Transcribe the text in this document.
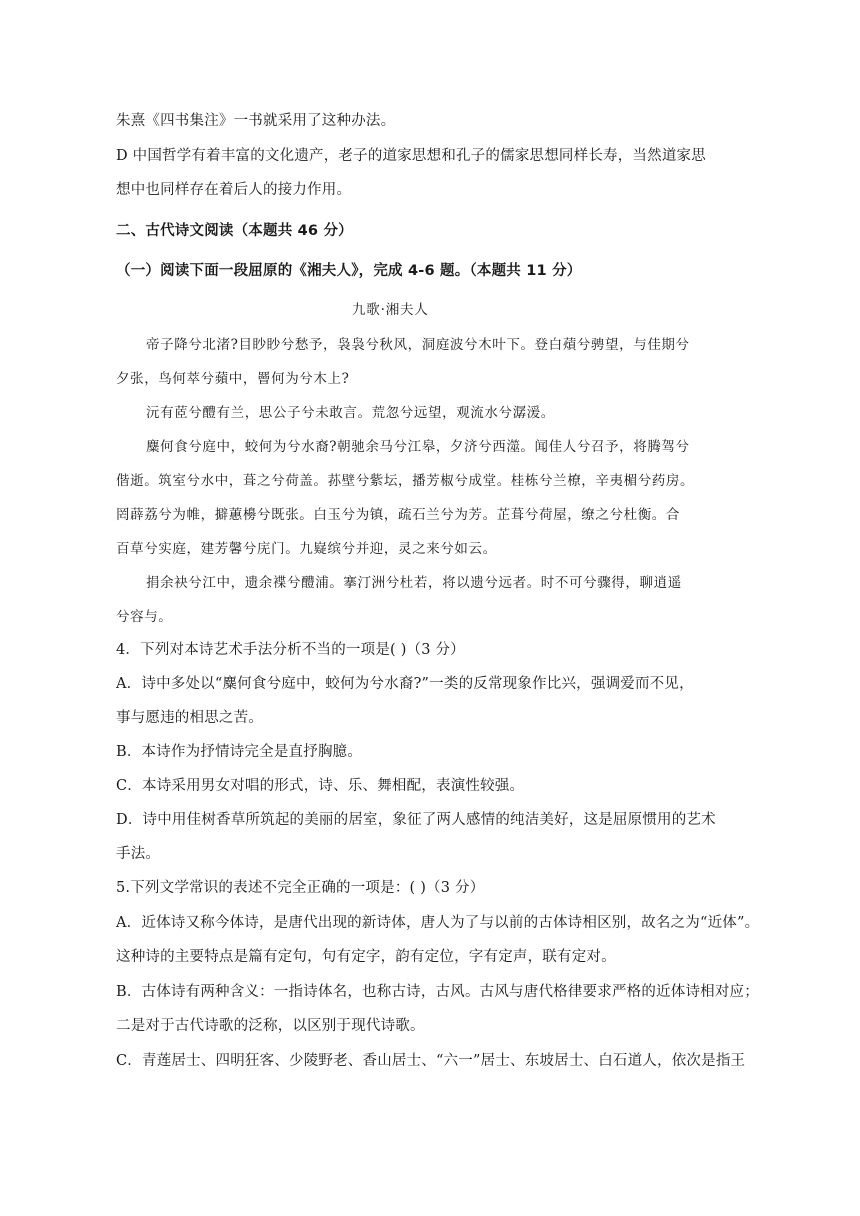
朱熹《四书集注》一书就采用了这种办法。
D 中国哲学有着丰富的文化遗产，老子的道家思想和孔子的儒家思想同样长寿，当然道家思
想中也同样存在着后人的接力作用。
二、古代诗文阅读（本题共 46 分）
（一）阅读下面一段屈原的《湘夫人》，完成 4-6 题。（本题共 11 分）
九歌·湘夫人
帝子降兮北渚?目眇眇兮愁予，袅袅兮秋风，洞庭波兮木叶下。登白薠兮骋望，与佳期兮
夕张，鸟何萃兮蘋中，罾何为兮木上?
沅有茝兮醴有兰，思公子兮未敢言。荒忽兮远望，观流水兮潺湲。
麋何食兮庭中，蛟何为兮水裔?朝驰余马兮江皋，夕济兮西澨。闻佳人兮召予，将腾驾兮
偕逝。筑室兮水中，葺之兮荷盖。荪壁兮紫坛，播芳椒兮成堂。桂栋兮兰橑，辛夷楣兮药房。
罔薜荔兮为帷，擗蕙櫋兮既张。白玉兮为镇，疏石兰兮为芳。芷葺兮荷屋，缭之兮杜衡。合
百草兮实庭，建芳馨兮庑门。九嶷缤兮并迎，灵之来兮如云。
捐余袂兮江中，遗余褋兮醴浦。搴汀洲兮杜若，将以遗兮远者。时不可兮骤得，聊逍遥
兮容与。
4．下列对本诗艺术手法分析不当的一项是( )（3 分）
A．诗中多处以“麋何食兮庭中，蛟何为兮水裔?”一类的反常现象作比兴，强调爱而不见，
事与愿违的相思之苦。
B．本诗作为抒情诗完全是直抒胸臆。
C．本诗采用男女对唱的形式，诗、乐、舞相配，表演性较强。
D．诗中用佳树香草所筑起的美丽的居室，象征了两人感情的纯洁美好，这是屈原惯用的艺术
手法。
5.下列文学常识的表述不完全正确的一项是：( )（3 分）
A．近体诗又称今体诗，是唐代出现的新诗体，唐人为了与以前的古体诗相区别，故名之为“近体”。
这种诗的主要特点是篇有定句，句有定字，韵有定位，字有定声，联有定对。
B．古体诗有两种含义：一指诗体名，也称古诗，古风。古风与唐代格律要求严格的近体诗相对应；
二是对于古代诗歌的泛称，以区别于现代诗歌。
C．青莲居士、四明狂客、少陵野老、香山居士、“六一”居士、东坡居士、白石道人，依次是指王
